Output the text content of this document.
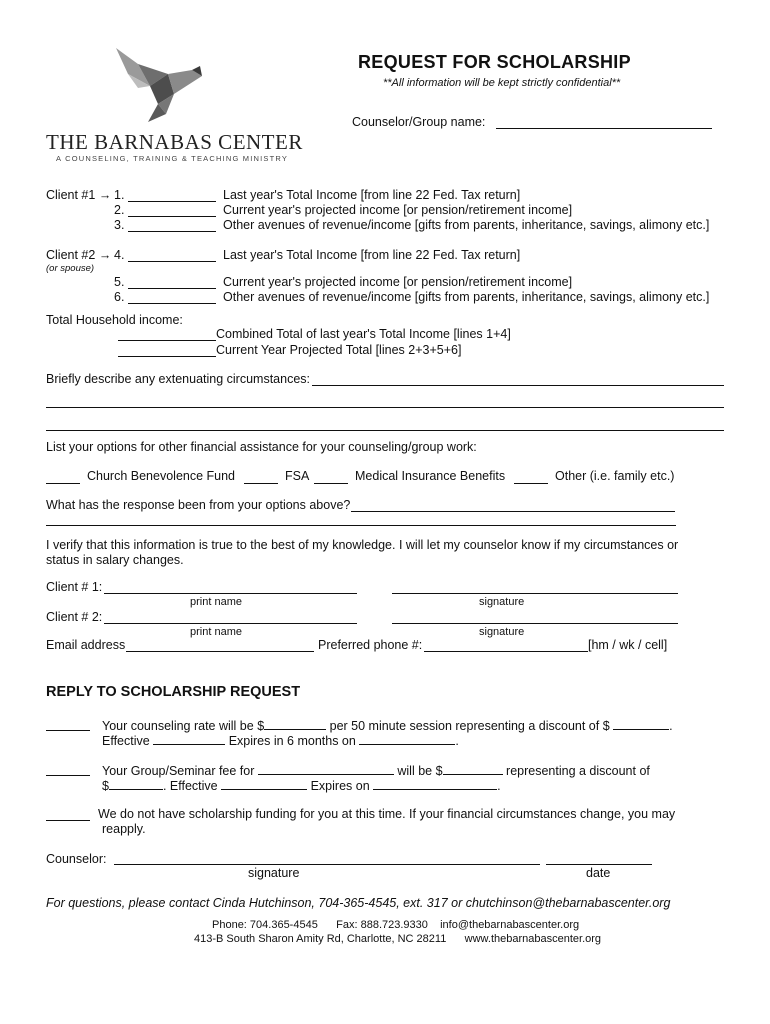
THE BARNABAS CENTER
A COUNSELING, TRAINING & TEACHING MINISTRY
REQUEST FOR SCHOLARSHIP
**All information will be kept strictly confidential**
Counselor/Group name:
Client #1 → 1.	Last year's Total Income [from line 22 Fed. Tax return]
2.	Current year's projected income [or pension/retirement income]
3.	Other avenues of revenue/income [gifts from parents, inheritance, savings, alimony etc.]
Client #2 →
(or spouse)
4.	Last year's Total Income [from line 22 Fed. Tax return]
5.	Current year's projected income [or pension/retirement income]
6.	Other avenues of revenue/income [gifts from parents, inheritance, savings, alimony etc.]
Total Household income:
Combined Total of last year's Total Income [lines 1+4]
Current Year Projected Total [lines 2+3+5+6]
Briefly describe any extenuating circumstances:
List your options for other financial assistance for your counseling/group work:
Church Benevolence Fund	FSA	Medical Insurance Benefits	Other (i.e. family etc.)
What has the response been from your options above?
I verify that this information is true to the best of my knowledge. I will let my counselor know if my circumstances or
status in salary changes.
Client # 1:
print name	signature
Client # 2:
print name	signature
Email address	Preferred phone #:	[hm / wk / cell]
REPLY TO SCHOLARSHIP REQUEST
Your counseling rate will be $	per 50 minute session representing a discount of $	.
Effective	Expires in 6 months on	.
Your Group/Seminar fee for	will be $	representing a discount of
$	. Effective	Expires on	.
We do not have scholarship funding for you at this time. If your financial circumstances change, you may
reapply.
Counselor:
signature	date
For questions, please contact Cinda Hutchinson, 704-365-4545, ext. 317 or chutchinson@thebarnabascenter.org
Phone: 704.365-4545      Fax: 888.723.9330    info@thebarnabascenter.org
413-B South Sharon Amity Rd, Charlotte, NC 28211      www.thebarnabascenter.org
